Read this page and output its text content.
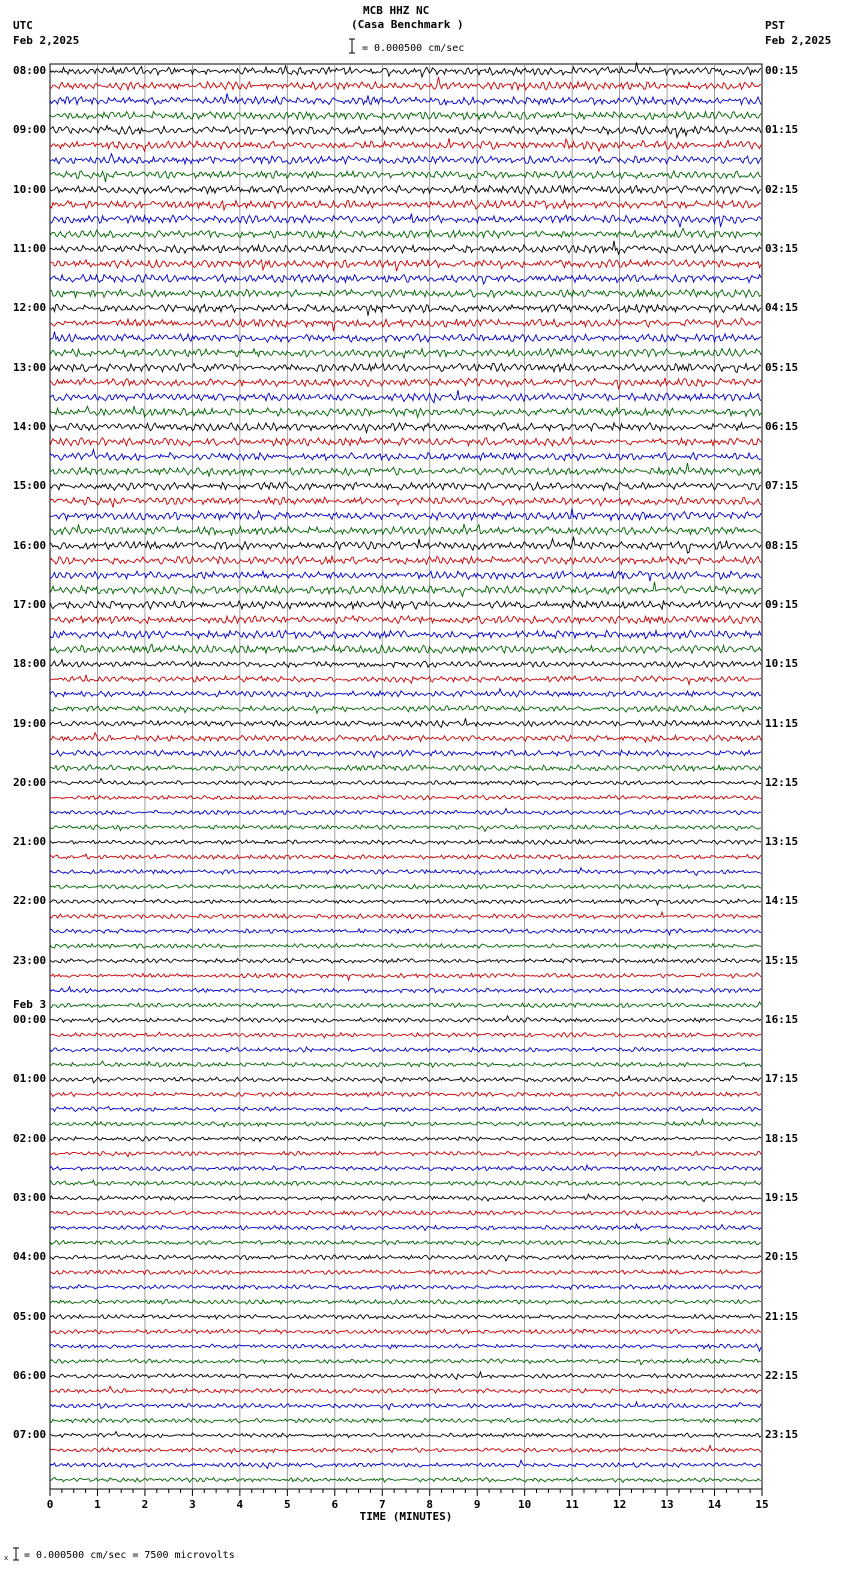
MCB HHZ NC
(Casa Benchmark )
= 0.000500 cm/sec
UTC
Feb 2,2025
PST
Feb 2,2025
0	1	2	3	4	5	6	7	8	9	10	11	12	13	14	15
TIME (MINUTES)
08:00
09:00
10:00
11:00
12:00
13:00
14:00
15:00
16:00
17:00
18:00
19:00
20:00
21:00
22:00
23:00
00:00
Feb 3
01:00
02:00
03:00
04:00
05:00
06:00
07:00
00:15
01:15
02:15
03:15
04:15
05:15
06:15
07:15
08:15
09:15
10:15
11:15
12:15
13:15
14:15
15:15
16:15
17:15
18:15
19:15
20:15
21:15
22:15
23:15
x = 0.000500 cm/sec = 7500 microvolts
